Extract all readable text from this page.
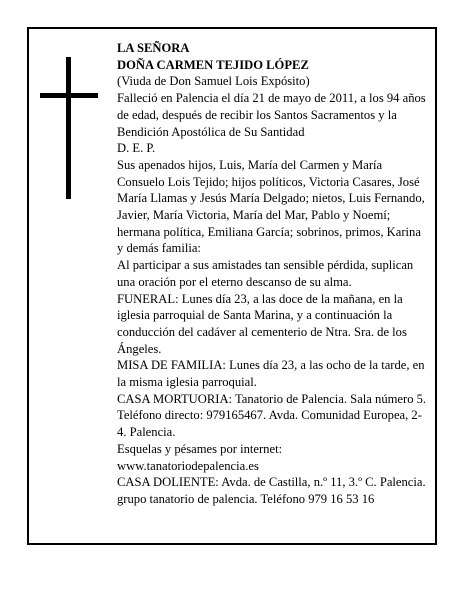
LA SEÑORA

DOÑA CARMEN TEJIDO LÓPEZ

(Viuda de Don Samuel Lois Expósito)

Falleció en Palencia el día 21 de mayo de 2011, a los 94 años de edad, después de recibir los Santos Sacramentos y la Bendición Apostólica de Su Santidad

D. E. P.

Sus apenados hijos, Luis, María del Carmen y María Consuelo Lois Tejido; hijos políticos, Victoria Casares, José María Llamas y Jesús María Delgado; nietos, Luis Fernando, Javier, María Victoria, María del Mar, Pablo y Noemí; hermana política, Emiliana García; sobrinos, primos, Karina y demás familia:

Al participar a sus amistades tan sensible pérdida, suplican una oración por el eterno descanso de su alma.

FUNERAL: Lunes día 23, a las doce de la mañana, en la iglesia parroquial de Santa Marina, y a continuación la conducción del cadáver al cementerio de Ntra. Sra. de los Ángeles.

MISA DE FAMILIA: Lunes día 23, a las ocho de la tarde, en la misma iglesia parroquial.

CASA MORTUORIA: Tanatorio de Palencia. Sala número 5. Teléfono directo: 979165467. Avda. Comunidad Europea, 2-4. Palencia.

Esquelas y pésames por internet:

www.tanatoriodepalencia.es

CASA DOLIENTE: Avda. de Castilla, n.º 11, 3.º C. Palencia.

grupo tanatorio de palencia. Teléfono 979 16 53 16
